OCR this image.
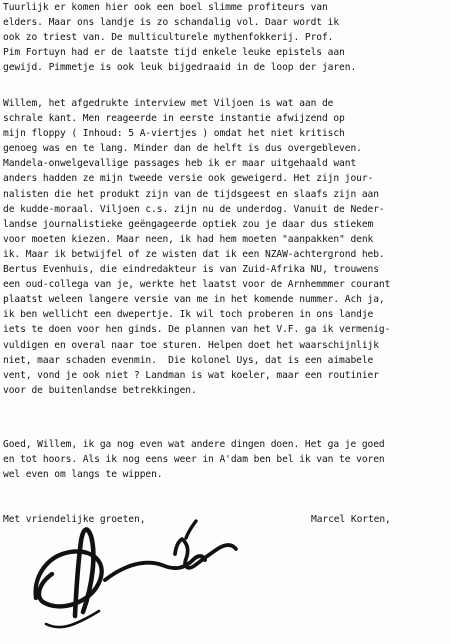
Tuurlijk er komen hier ook een boel slimme profiteurs van
elders. Maar ons landje is zo schandalig vol. Daar wordt ik
ook zo triest van. De multiculturele mythenfokkerij. Prof.
Pim Fortuyn had er de laatste tijd enkele leuke epistels aan
gewijd. Pimmetje is ook leuk bijgedraaid in de loop der jaren.
Willem, het afgedrukte interview met Viljoen is wat aan de
schrale kant. Men reageerde in eerste instantie afwijzend op
mijn floppy ( Inhoud: 5 A-viertjes ) omdat het niet kritisch
genoeg was en te lang. Minder dan de helft is dus overgebleven.
Mandela-onwelgevallige passages heb ik er maar uitgehaald want
anders hadden ze mijn tweede versie ook geweigerd. Het zijn jour-
nalisten die het produkt zijn van de tijdsgeest en slaafs zijn aan
de kudde-moraal. Viljoen c.s. zijn nu de underdog. Vanuit de Neder-
landse journalistieke geëngageerde optiek zou je daar dus stiekem
voor moeten kiezen. Maar neen, ik had hem moeten "aanpakken" denk
ik. Maar ik betwijfel of ze wisten dat ik een NZAW-achtergrond heb.
Bertus Evenhuis, die eindredakteur is van Zuid-Afrika NU, trouwens
een oud-collega van je, werkte het laatst voor de Arnhemmmer courant
plaatst weleen langere versie van me in het komende nummer. Ach ja,
ik ben wellicht een dwepertje. Ik wil toch proberen in ons landje
iets te doen voor hen ginds. De plannen van het V.F. ga ik vermenig-
vuldigen en overal naar toe sturen. Helpen doet het waarschijnlijk
niet, maar schaden evenmin.  Die kolonel Uys, dat is een aimabele
vent, vond je ook niet ? Landman is wat koeler, maar een routinier
voor de buitenlandse betrekkingen.
Goed, Willem, ik ga nog even wat andere dingen doen. Het ga je goed
en tot hoors. Als ik nog eens weer in A'dam ben bel ik van te voren
wel even om langs te wippen.
Met vriendelijke groeten,	Marcel Korten,
